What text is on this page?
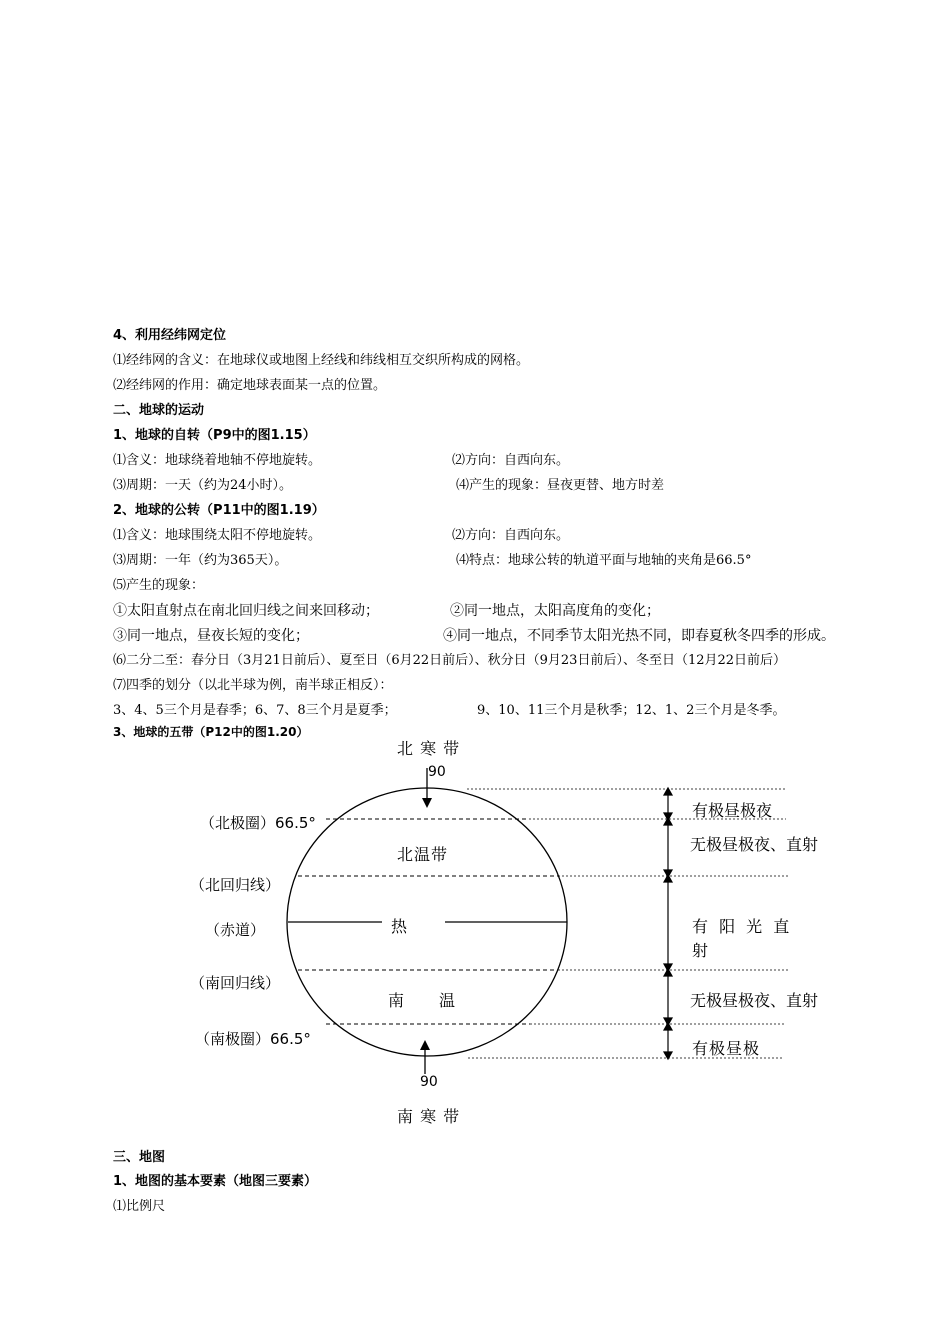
4、利用经纬网定位
⑴经纬网的含义：在地球仪或地图上经线和纬线相互交织所构成的网格。
⑵经纬网的作用：确定地球表面某一点的位置。
二、地球的运动
1、地球的自转（P9中的图1.15）
⑴含义：地球绕着地轴不停地旋转。	⑵方向：自西向东。
⑶周期：一天（约为24小时）。	⑷产生的现象：昼夜更替、地方时差
2、地球的公转（P11中的图1.19）
⑴含义：地球围绕太阳不停地旋转。	⑵方向：自西向东。
⑶周期：一年（约为365天）。	⑷特点：地球公转的轨道平面与地轴的夹角是66.5°
⑸产生的现象：
①太阳直射点在南北回归线之间来回移动；	②同一地点，太阳高度角的变化；
③同一地点，昼夜长短的变化；	④同一地点，不同季节太阳光热不同，即春夏秋冬四季的形成。
⑹二分二至：春分日（3月21日前后）、夏至日（6月22日前后）、秋分日（9月23日前后）、冬至日（12月22日前后）
⑺四季的划分（以北半球为例，南半球正相反）：
3、4、5三个月是春季；6、7、8三个月是夏季；	9、10、11三个月是秋季；12、1、2三个月是冬季。
3、地球的五带（P12中的图1.20）
北 寒 带
90
（北极圈）66.5°
（北回归线）
（赤道）
（南回归线）
（南极圈）66.5°
北温带
热
南　　温
90
南 寒 带
有极昼极夜
无极昼极夜、直射
有 阳 光 直
射
无极昼极夜、直射
有极昼极
三、地图
1、地图的基本要素（地图三要素）
⑴比例尺
